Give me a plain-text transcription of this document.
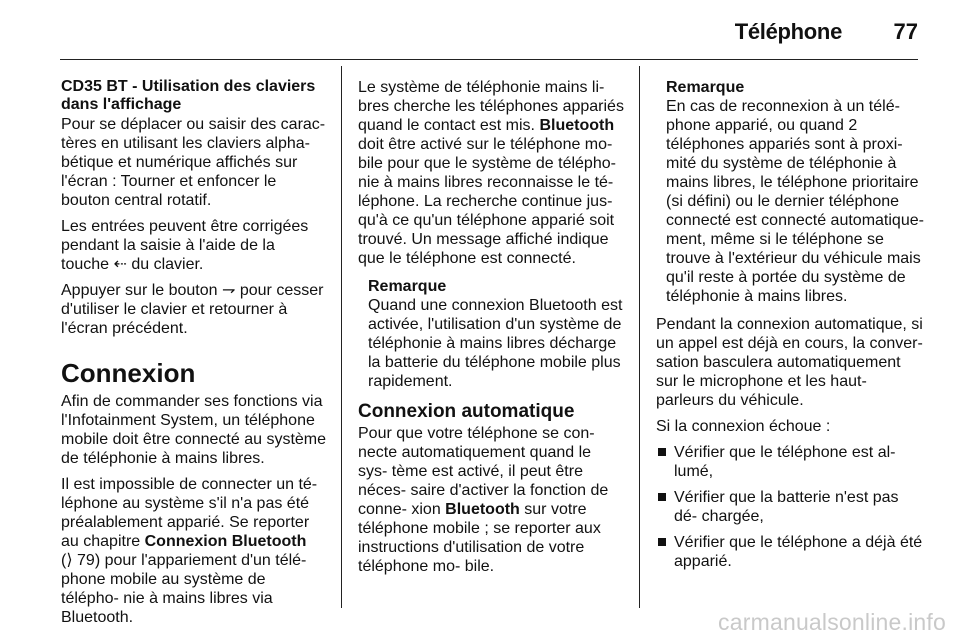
Téléphone 77
CD35 BT - Utilisation des claviers dans l'affichage

Pour se déplacer ou saisir des carac- tères en utilisant les claviers alpha- bétique et numérique affichés sur l'écran : Tourner et enfoncer le bouton central rotatif.

Les entrées peuvent être corrigées pendant la saisie à l'aide de la touche ⇠ du clavier.

Appuyer sur le bouton ⇁ pour cesser d'utiliser le clavier et retourner à l'écran précédent.

Connexion

Afin de commander ses fonctions via l'Infotainment System, un téléphone mobile doit être connecté au système de téléphonie à mains libres.

Il est impossible de connecter un té- léphone au système s'il n'a pas été préalablement apparié. Se reporter au chapitre Connexion Bluetooth
(⟩ 79) pour l'appariement d'un télé- phone mobile au système de télépho- nie à mains libres via Bluetooth.

Le système de téléphonie mains li- bres cherche les téléphones appariés quand le contact est mis. Bluetooth doit être activé sur le téléphone mo- bile pour que le système de télépho- nie à mains libres reconnaisse le té- léphone. La recherche continue jus- qu'à ce qu'un téléphone apparié soit trouvé. Un message affiché indique que le téléphone est connecté.

Remarque
Quand une connexion Bluetooth est activée, l'utilisation d'un système de téléphonie à mains libres décharge la batterie du téléphone mobile plus rapidement.
Connexion automatique

Pour que votre téléphone se con- necte automatiquement quand le sys- tème est activé, il peut être néces- saire d'activer la fonction de conne- xion Bluetooth sur votre téléphone mobile ; se reporter aux instructions d'utilisation de votre téléphone mo- bile.

Remarque
En cas de reconnexion à un télé- phone apparié, ou quand 2 téléphones appariés sont à proxi- mité du système de téléphonie à mains libres, le téléphone prioritaire (si défini) ou le dernier téléphone connecté est connecté automatique- ment, même si le téléphone se trouve à l'extérieur du véhicule mais qu'il reste à portée du système de téléphonie à mains libres.

Pendant la connexion automatique, si un appel est déjà en cours, la conver- sation basculera automatiquement sur le microphone et les haut-parleurs du véhicule.

Si la connexion échoue :

Vérifier que le téléphone est al- lumé,
Vérifier que la batterie n'est pas dé- chargée,
Vérifier que le téléphone a déjà été apparié.
carmanualsonline.info
